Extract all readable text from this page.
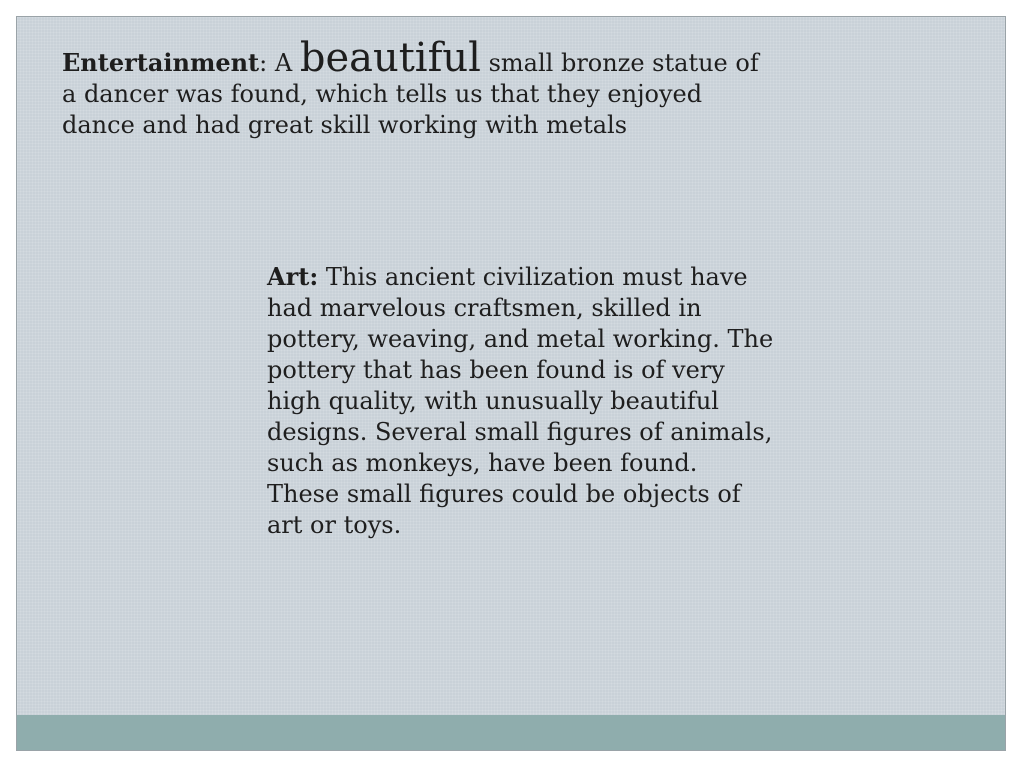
Entertainment: A beautiful small bronze statue of a dancer was found, which tells us that they enjoyed dance and had great skill working with metals
Art: This ancient civilization must have had marvelous craftsmen, skilled in pottery, weaving, and metal working. The pottery that has been found is of very high quality, with unusually beautiful designs. Several small figures of animals, such as monkeys, have been found. These small figures could be objects of art or toys.
